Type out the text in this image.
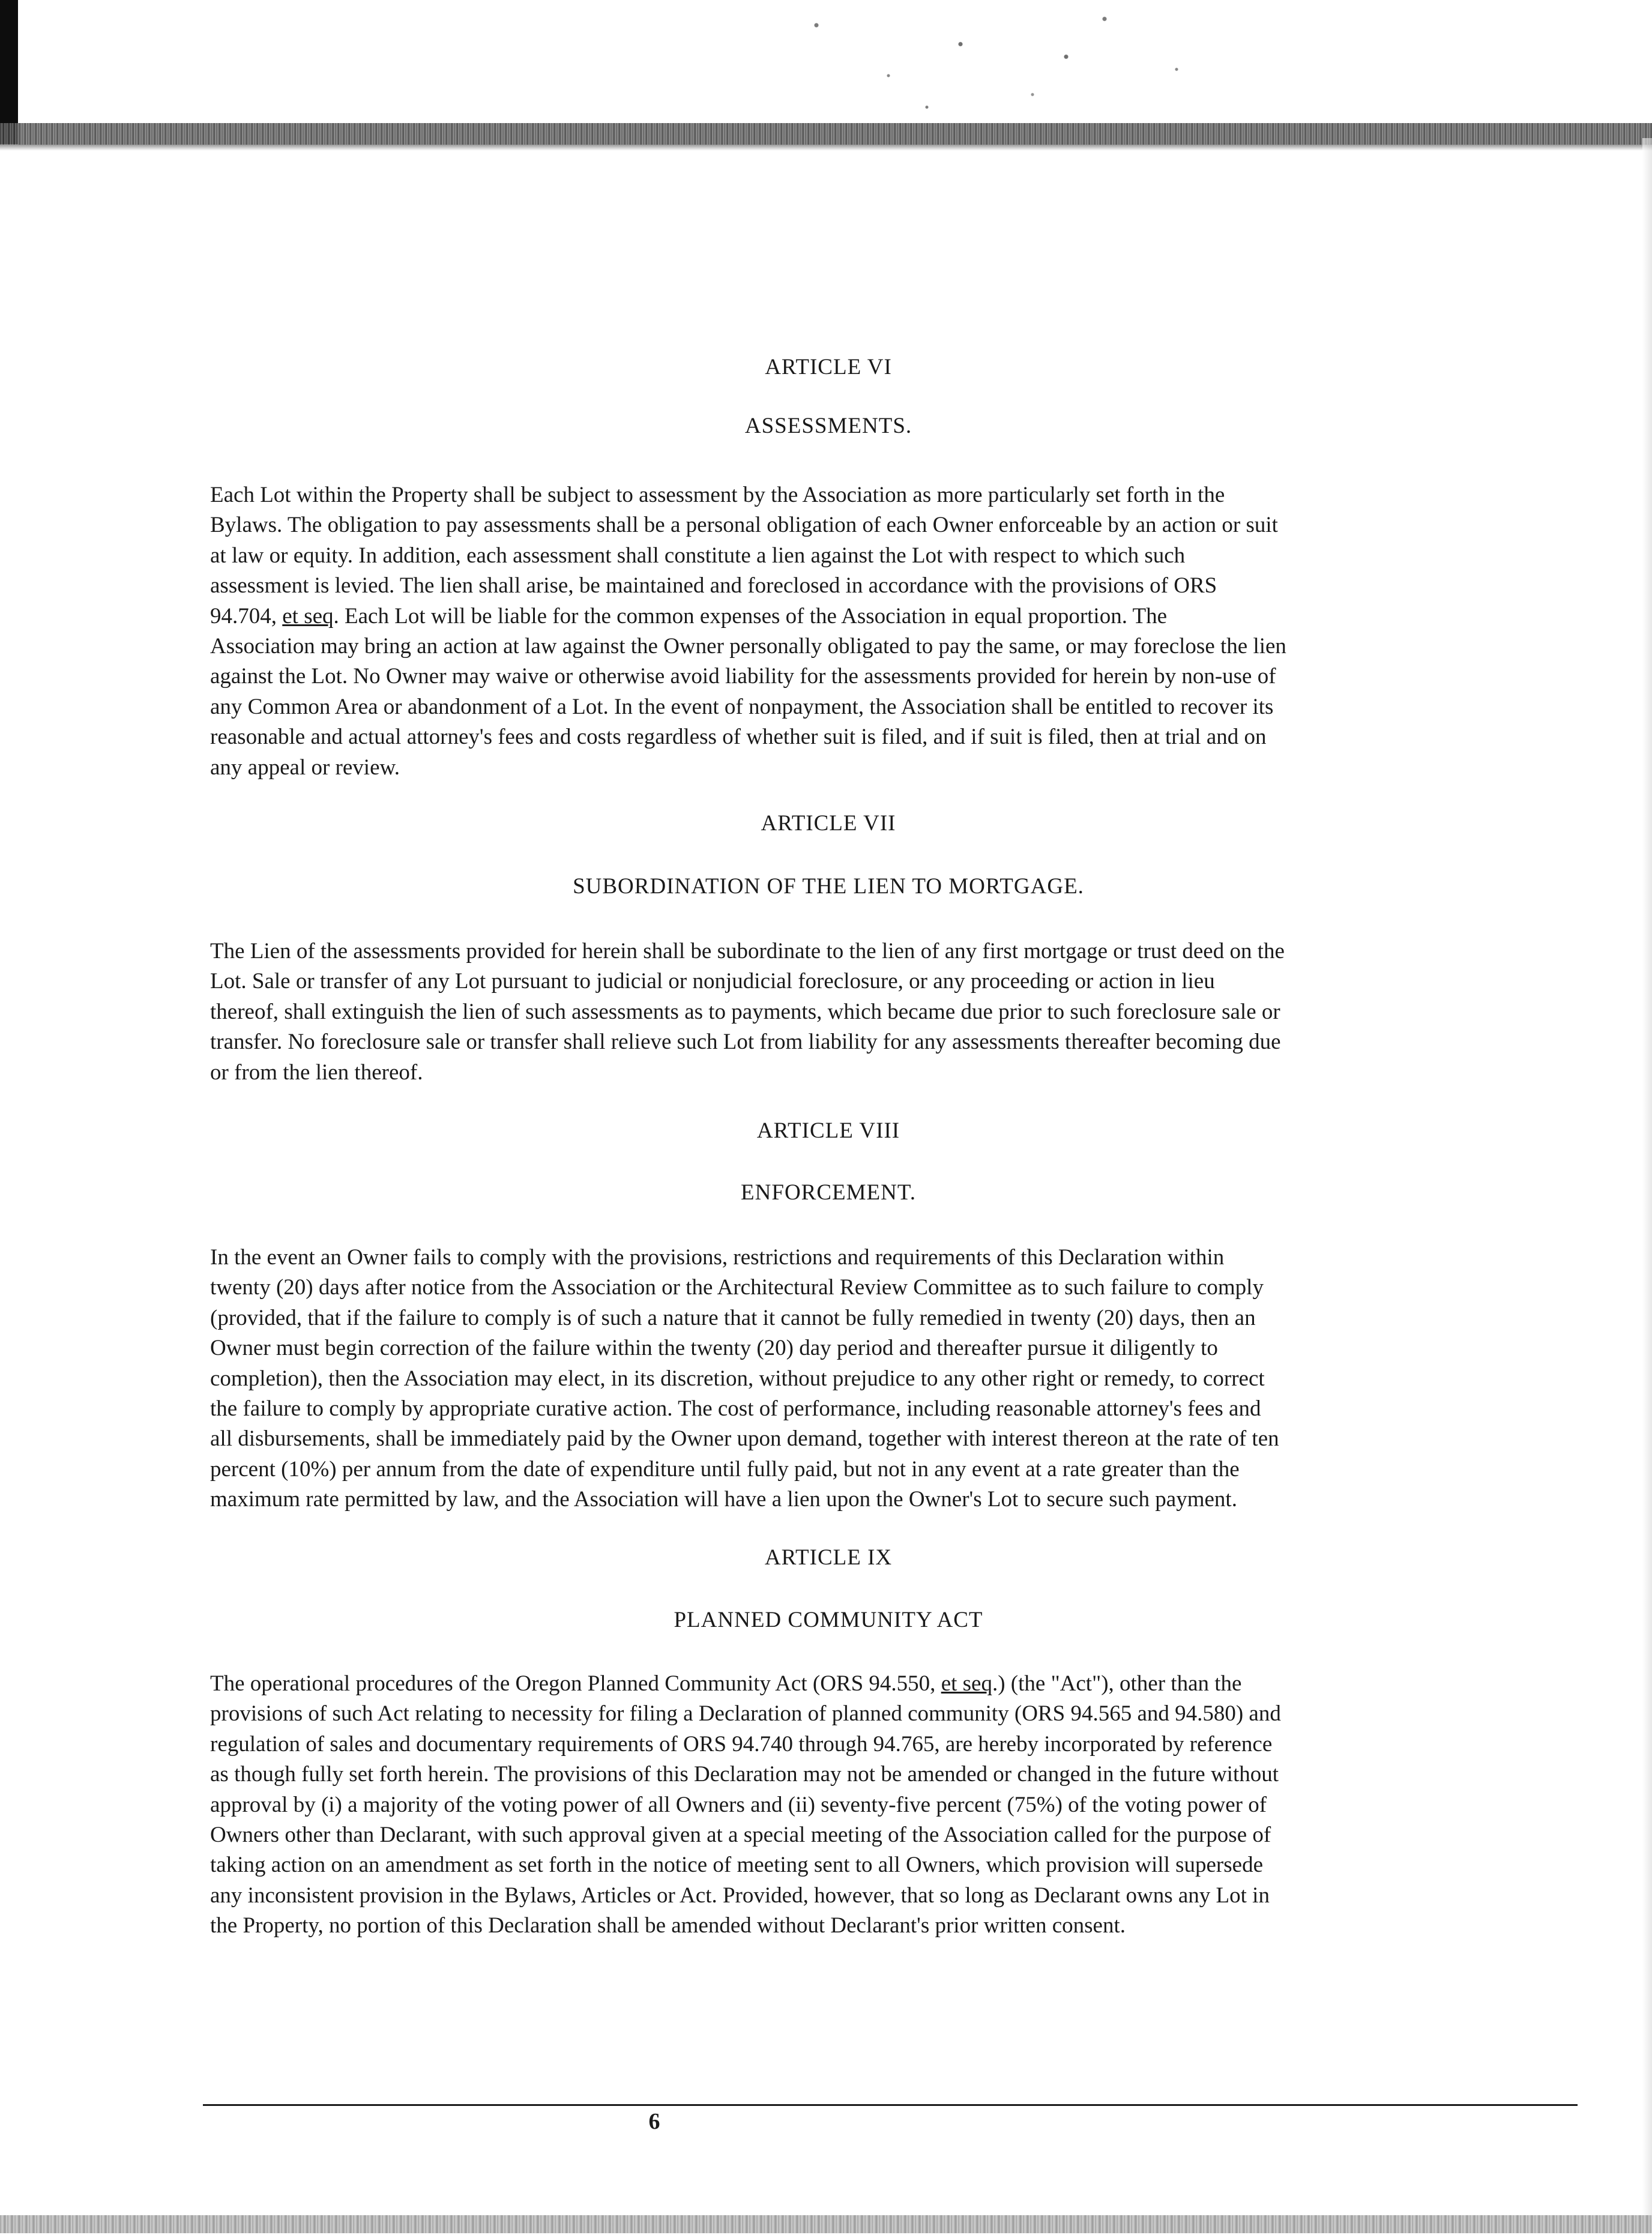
ARTICLE VI
ASSESSMENTS.
Each Lot within the Property shall be subject to assessment by the Association as more particularly set forth in the
Bylaws. The obligation to pay assessments shall be a personal obligation of each Owner enforceable by an action or suit
at law or equity. In addition, each assessment shall constitute a lien against the Lot with respect to which such
assessment is levied. The lien shall arise, be maintained and foreclosed in accordance with the provisions of ORS
94.704, et seq. Each Lot will be liable for the common expenses of the Association in equal proportion. The
Association may bring an action at law against the Owner personally obligated to pay the same, or may foreclose the lien
against the Lot. No Owner may waive or otherwise avoid liability for the assessments provided for herein by non-use of
any Common Area or abandonment of a Lot. In the event of nonpayment, the Association shall be entitled to recover its
reasonable and actual attorney's fees and costs regardless of whether suit is filed, and if suit is filed, then at trial and on
any appeal or review.
ARTICLE VII
SUBORDINATION OF THE LIEN TO MORTGAGE.
The Lien of the assessments provided for herein shall be subordinate to the lien of any first mortgage or trust deed on the
Lot. Sale or transfer of any Lot pursuant to judicial or nonjudicial foreclosure, or any proceeding or action in lieu
thereof, shall extinguish the lien of such assessments as to payments, which became due prior to such foreclosure sale or
transfer. No foreclosure sale or transfer shall relieve such Lot from liability for any assessments thereafter becoming due
or from the lien thereof.
ARTICLE VIII
ENFORCEMENT.
In the event an Owner fails to comply with the provisions, restrictions and requirements of this Declaration within
twenty (20) days after notice from the Association or the Architectural Review Committee as to such failure to comply
(provided, that if the failure to comply is of such a nature that it cannot be fully remedied in twenty (20) days, then an
Owner must begin correction of the failure within the twenty (20) day period and thereafter pursue it diligently to
completion), then the Association may elect, in its discretion, without prejudice to any other right or remedy, to correct
the failure to comply by appropriate curative action. The cost of performance, including reasonable attorney's fees and
all disbursements, shall be immediately paid by the Owner upon demand, together with interest thereon at the rate of ten
percent (10%) per annum from the date of expenditure until fully paid, but not in any event at a rate greater than the
maximum rate permitted by law, and the Association will have a lien upon the Owner's Lot to secure such payment.
ARTICLE IX
PLANNED COMMUNITY ACT
The operational procedures of the Oregon Planned Community Act (ORS 94.550, et seq.) (the "Act"), other than the
provisions of such Act relating to necessity for filing a Declaration of planned community (ORS 94.565 and 94.580) and
regulation of sales and documentary requirements of ORS 94.740 through 94.765, are hereby incorporated by reference
as though fully set forth herein. The provisions of this Declaration may not be amended or changed in the future without
approval by (i) a majority of the voting power of all Owners and (ii) seventy-five percent (75%) of the voting power of
Owners other than Declarant, with such approval given at a special meeting of the Association called for the purpose of
taking action on an amendment as set forth in the notice of meeting sent to all Owners, which provision will supersede
any inconsistent provision in the Bylaws, Articles or Act. Provided, however, that so long as Declarant owns any Lot in
the Property, no portion of this Declaration shall be amended without Declarant's prior written consent.
6
